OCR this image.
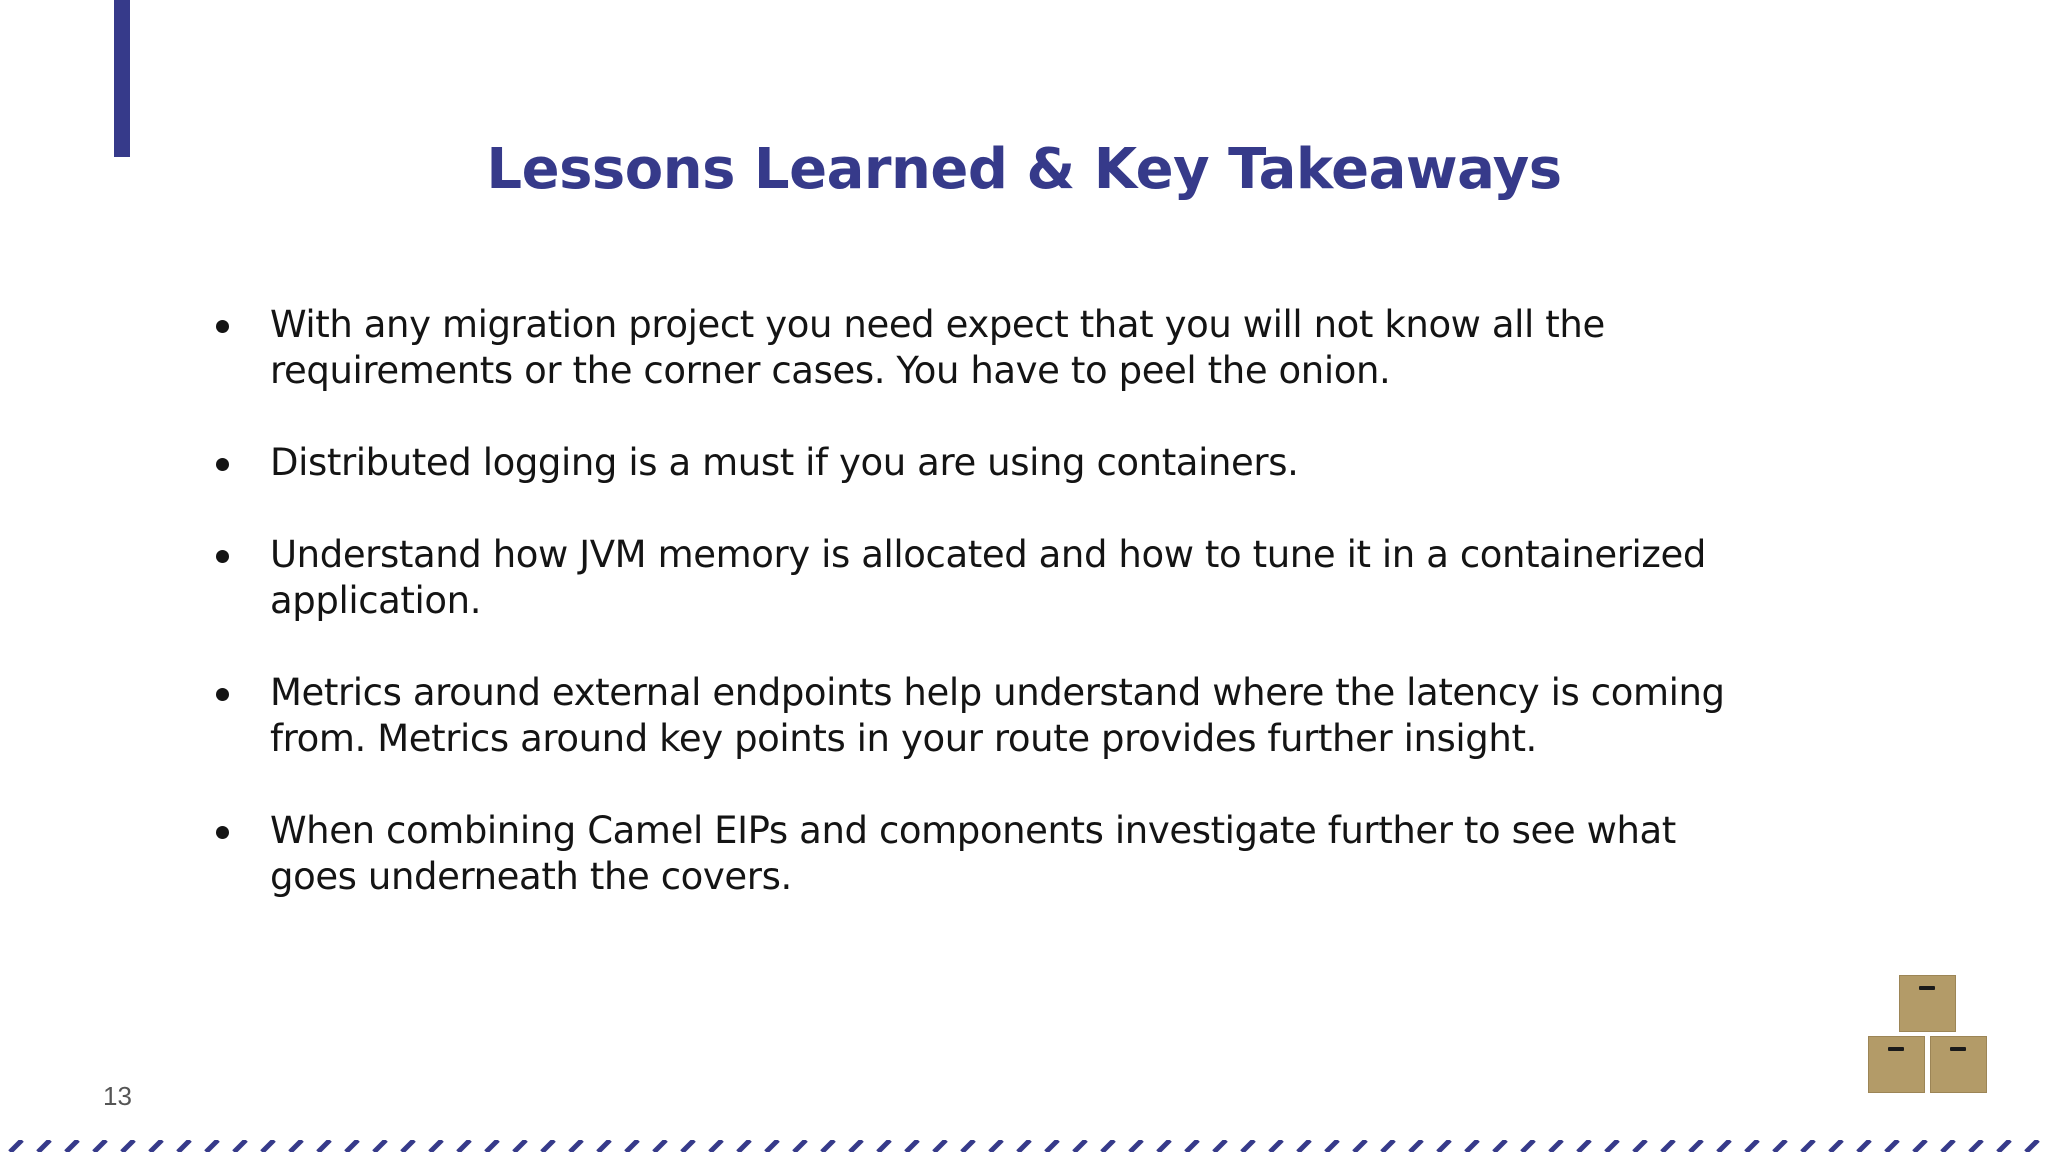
Lessons Learned & Key Takeaways
With any migration project you need expect that you will not know all the requirements or the corner cases. You have to peel the onion.
Distributed logging is a must if you are using containers.
Understand how JVM memory is allocated and how to tune it in a containerized application.
Metrics around external endpoints help understand where the latency is coming from. Metrics around key points in your route provides further insight.
When combining Camel EIPs and components investigate further to see what goes underneath the covers.
13
